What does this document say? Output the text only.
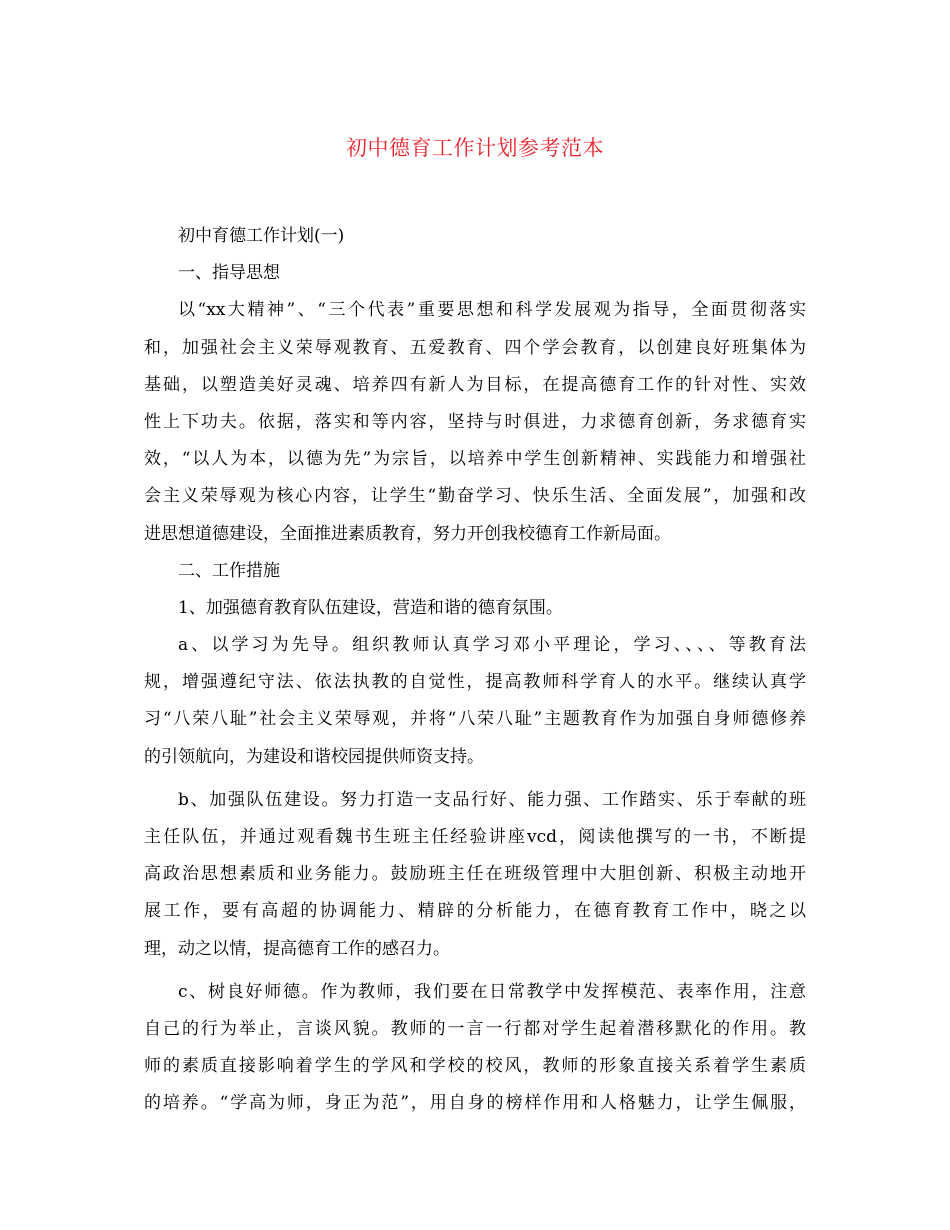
初中德育工作计划参考范本
初中育德工作计划(一)
一、指导思想
以“xx大精神”、“三个代表”重要思想和科学发展观为指导，全面贯彻落实
和，加强社会主义荣辱观教育、五爱教育、四个学会教育，以创建良好班集体为
基础，以塑造美好灵魂、培养四有新人为目标，在提高德育工作的针对性、实效
性上下功夫。依据，落实和等内容，坚持与时俱进，力求德育创新，务求德育实
效，“以人为本，以德为先”为宗旨，以培养中学生创新精神、实践能力和增强社
会主义荣辱观为核心内容，让学生“勤奋学习、快乐生活、全面发展”，加强和改
进思想道德建设，全面推进素质教育，努力开创我校德育工作新局面。
二、工作措施
1、加强德育教育队伍建设，营造和谐的德育氛围。
a、以学习为先导。组织教师认真学习邓小平理论，学习、、、、等教育法
规，增强遵纪守法、依法执教的自觉性，提高教师科学育人的水平。继续认真学
习“八荣八耻”社会主义荣辱观，并将“八荣八耻”主题教育作为加强自身师德修养
的引领航向，为建设和谐校园提供师资支持。
b、加强队伍建设。努力打造一支品行好、能力强、工作踏实、乐于奉献的班
主任队伍，并通过观看魏书生班主任经验讲座vcd，阅读他撰写的一书，不断提
高政治思想素质和业务能力。鼓励班主任在班级管理中大胆创新、积极主动地开
展工作，要有高超的协调能力、精辟的分析能力，在德育教育工作中，晓之以
理，动之以情，提高德育工作的感召力。
c、树良好师德。作为教师，我们要在日常教学中发挥模范、表率作用，注意
自己的行为举止，言谈风貌。教师的一言一行都对学生起着潜移默化的作用。教
师的素质直接影响着学生的学风和学校的校风，教师的形象直接关系着学生素质
的培养。“学高为师，身正为范”，用自身的榜样作用和人格魅力，让学生佩服，
